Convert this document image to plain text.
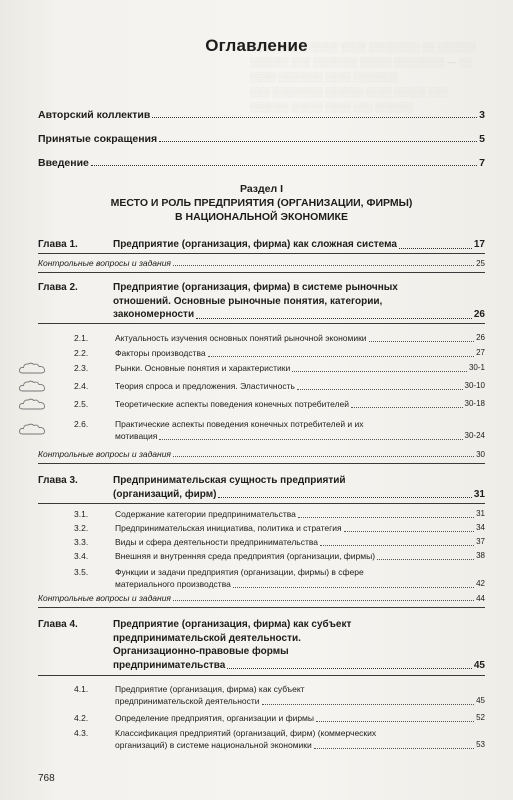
░░░░ ░░░ ░░░░░░ ░░░░ ░░░░░░░░ ░░ ░░░░░░
░░░░░░ ░░░ ░░░░░░░ ░░░░░ ░░░░░░░░ — ░░
░░░░ ░░░░░░░ ░░░░ ░░░░░░░
░░░ ░░░░░░░░ ░░░░░░ ░░░░ ░░░░░ ░░░
░░░░░░ ░░░░░ ░░░░ ░░░ ░░░░░░
Оглавление
Авторский коллектив	3
Принятые сокращения	5
Введение	7
Раздел I
МЕСТО И РОЛЬ ПРЕДПРИЯТИЯ (ОРГАНИЗАЦИИ, ФИРМЫ)
В НАЦИОНАЛЬНОЙ ЭКОНОМИКЕ
Глава 1.	Предприятие (организация, фирма) как сложная система	17
Контрольные вопросы и задания	25
Глава 2.	Предприятие (организация, фирма) в системе рыночных
отношений. Основные рыночные понятия, категории,
закономерности	26
2.1.	Актуальность изучения основных понятий рыночной экономики	26
2.2.	Факторы производства	27
2.3.	Рынки. Основные понятия и характеристики	30-1
2.4.	Теория спроса и предложения. Эластичность	30-10
2.5.	Теоретические аспекты поведения конечных потребителей	30-18
2.6.	Практические аспекты поведения конечных потребителей и их
мотивация	30-24
Контрольные вопросы и задания	30
Глава 3.	Предпринимательская сущность предприятий
(организаций, фирм)	31
3.1.	Содержание категории предпринимательства	31
3.2.	Предпринимательская инициатива, политика и стратегия	34
3.3.	Виды и сфера деятельности предпринимательства	37
3.4.	Внешняя и внутренняя среда предприятия (организации, фирмы)	38
3.5.	Функции и задачи предприятия (организации, фирмы) в сфере
материального производства	42
Контрольные вопросы и задания	44
Глава 4.	Предприятие (организация, фирма) как субъект
предпринимательской деятельности.
Организационно-правовые формы
предпринимательства	45
4.1.	Предприятие (организация, фирма) как субъект
предпринимательской деятельности	45
4.2.	Определение предприятия, организации и фирмы	52
4.3.	Классификация предприятий (организаций, фирм) (коммерческих
организаций) в системе национальной экономики	53
768
